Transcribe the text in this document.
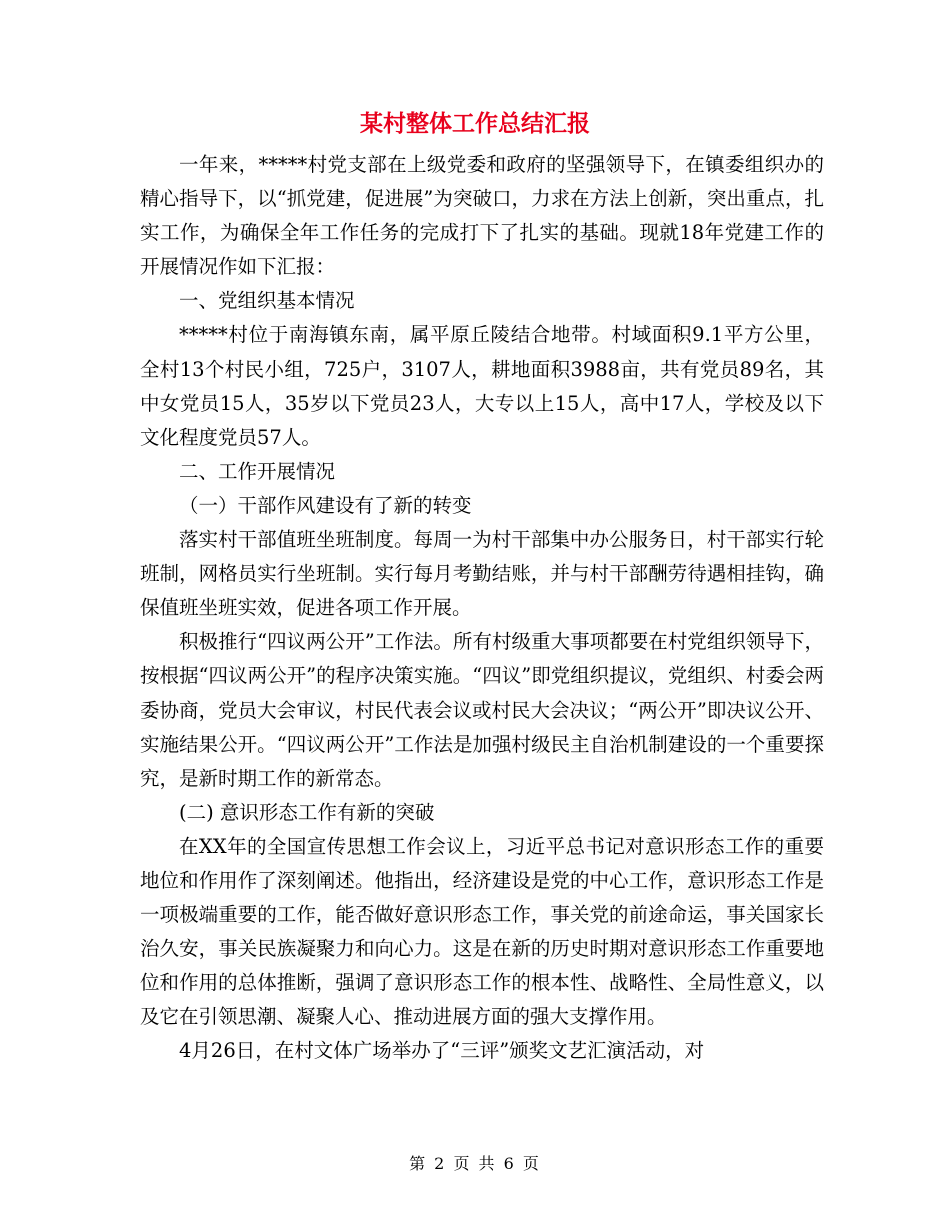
某村整体工作总结汇报

一年来，*****村党支部在上级党委和政府的坚强领导下，在镇委组织办的精心指导下，以“抓党建，促进展”为突破口，力求在方法上创新，突出重点，扎实工作，为确保全年工作任务的完成打下了扎实的基础。现就18年党建工作的开展情况作如下汇报：

一、党组织基本情况

*****村位于南海镇东南，属平原丘陵结合地带。村域面积9.1平方公里，全村13个村民小组，725户，3107人，耕地面积3988亩，共有党员89名，其中女党员15人，35岁以下党员23人，大专以上15人，高中17人，学校及以下文化程度党员57人。

二、工作开展情况

（一）干部作风建设有了新的转变

落实村干部值班坐班制度。每周一为村干部集中办公服务日，村干部实行轮班制，网格员实行坐班制。实行每月考勤结账，并与村干部酬劳待遇相挂钩，确保值班坐班实效，促进各项工作开展。

积极推行“四议两公开”工作法。所有村级重大事项都要在村党组织领导下，按根据“四议两公开”的程序决策实施。“四议”即党组织提议，党组织、村委会两委协商，党员大会审议，村民代表会议或村民大会决议；“两公开”即决议公开、实施结果公开。“四议两公开”工作法是加强村级民主自治机制建设的一个重要探究，是新时期工作的新常态。

(二) 意识形态工作有新的突破

在XX年的全国宣传思想工作会议上，习近平总书记对意识形态工作的重要地位和作用作了深刻阐述。他指出，经济建设是党的中心工作，意识形态工作是一项极端重要的工作，能否做好意识形态工作，事关党的前途命运，事关国家长治久安，事关民族凝聚力和向心力。这是在新的历史时期对意识形态工作重要地位和作用的总体推断，强调了意识形态工作的根本性、战略性、全局性意义，以及它在引领思潮、凝聚人心、推动进展方面的强大支撑作用。

4月26日，在村文体广场举办了“三评”颁奖文艺汇演活动，对

第 2 页 共 6 页
